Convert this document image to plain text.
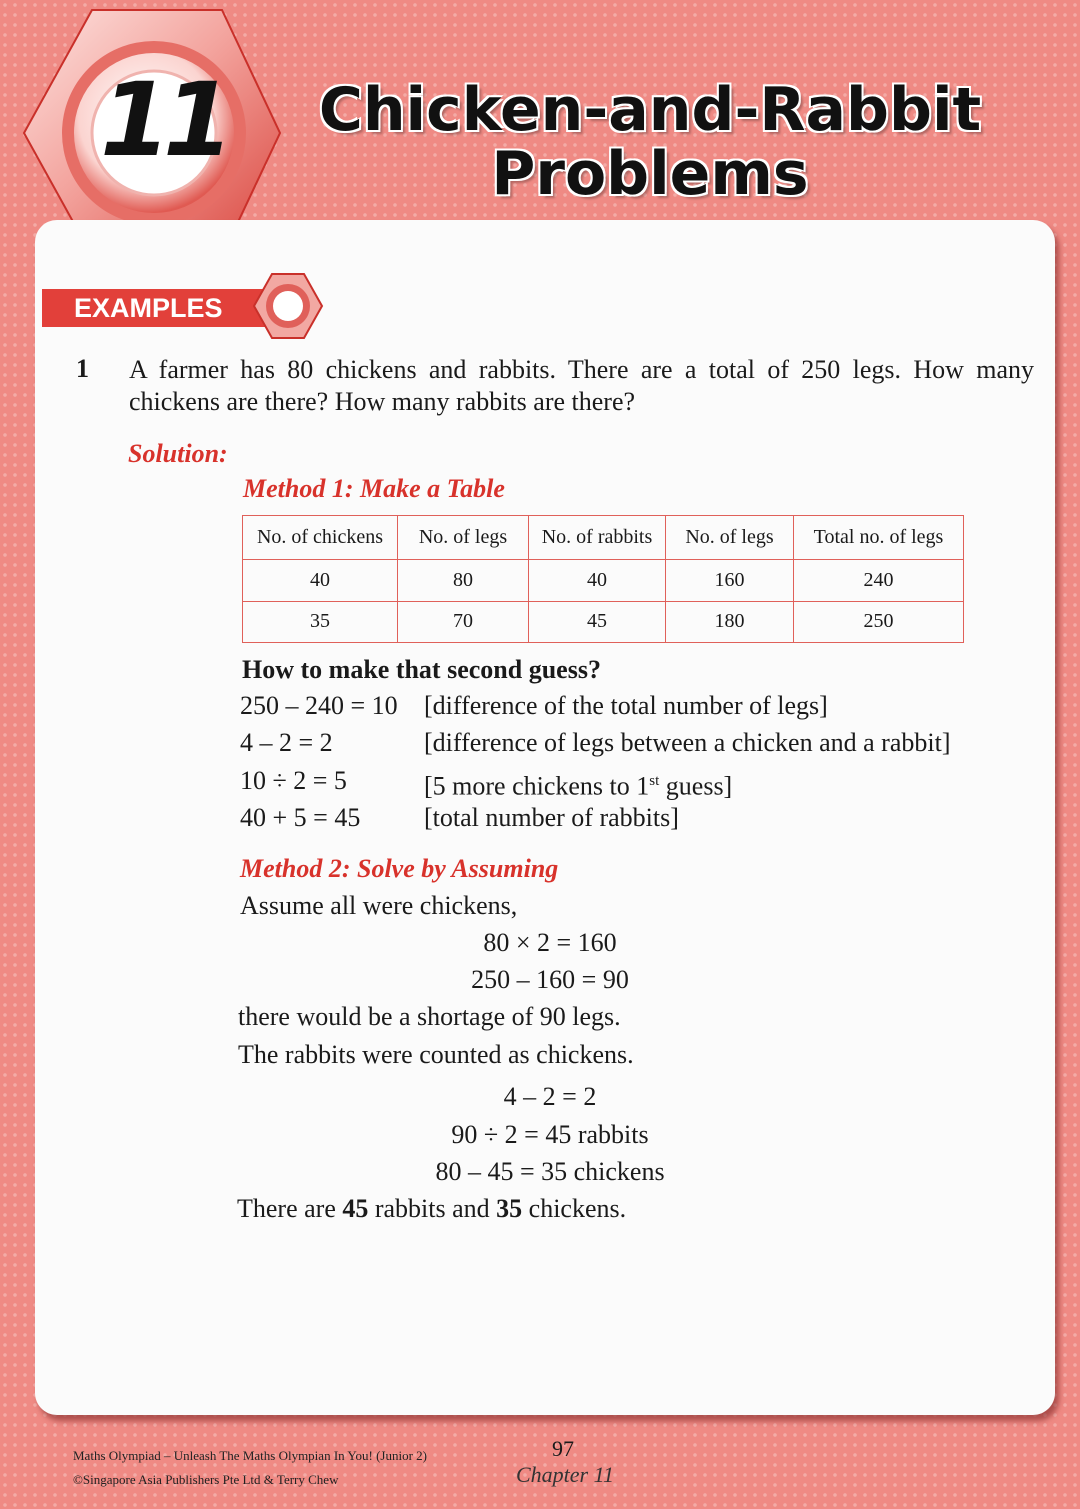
11	Chicken-and-Rabbit
Problems
EXAMPLES
1 A farmer has 80 chickens and rabbits. There are a total of 250 legs. How many chickens are there? How many rabbits are there?
Solution:
Method 1: Make a Table
No. of chickens	No. of legs	No. of rabbits	No. of legs	Total no. of legs
40	80	40	160	240
35	70	45	180	250
How to make that second guess?
250 – 240 = 10 [difference of the total number of legs]
4 – 2 = 2	[difference of legs between a chicken and a rabbit]
10 ÷ 2 = 5	[5 more chickens to 1st guess]
40 + 5 = 45 [total number of rabbits]
Method 2: Solve by Assuming
Assume all were chickens,
80 × 2 = 160
250 – 160 = 90
there would be a shortage of 90 legs.
The rabbits were counted as chickens.
4 – 2 = 2
90 ÷ 2 = 45 rabbits
80 – 45 = 35 chickens
There are 45 rabbits and 35 chickens.
Maths Olympiad – Unleash The Maths Olympian In You! (Junior 2)
©Singapore Asia Publishers Pte Ltd & Terry Chew
97
Chapter 11
